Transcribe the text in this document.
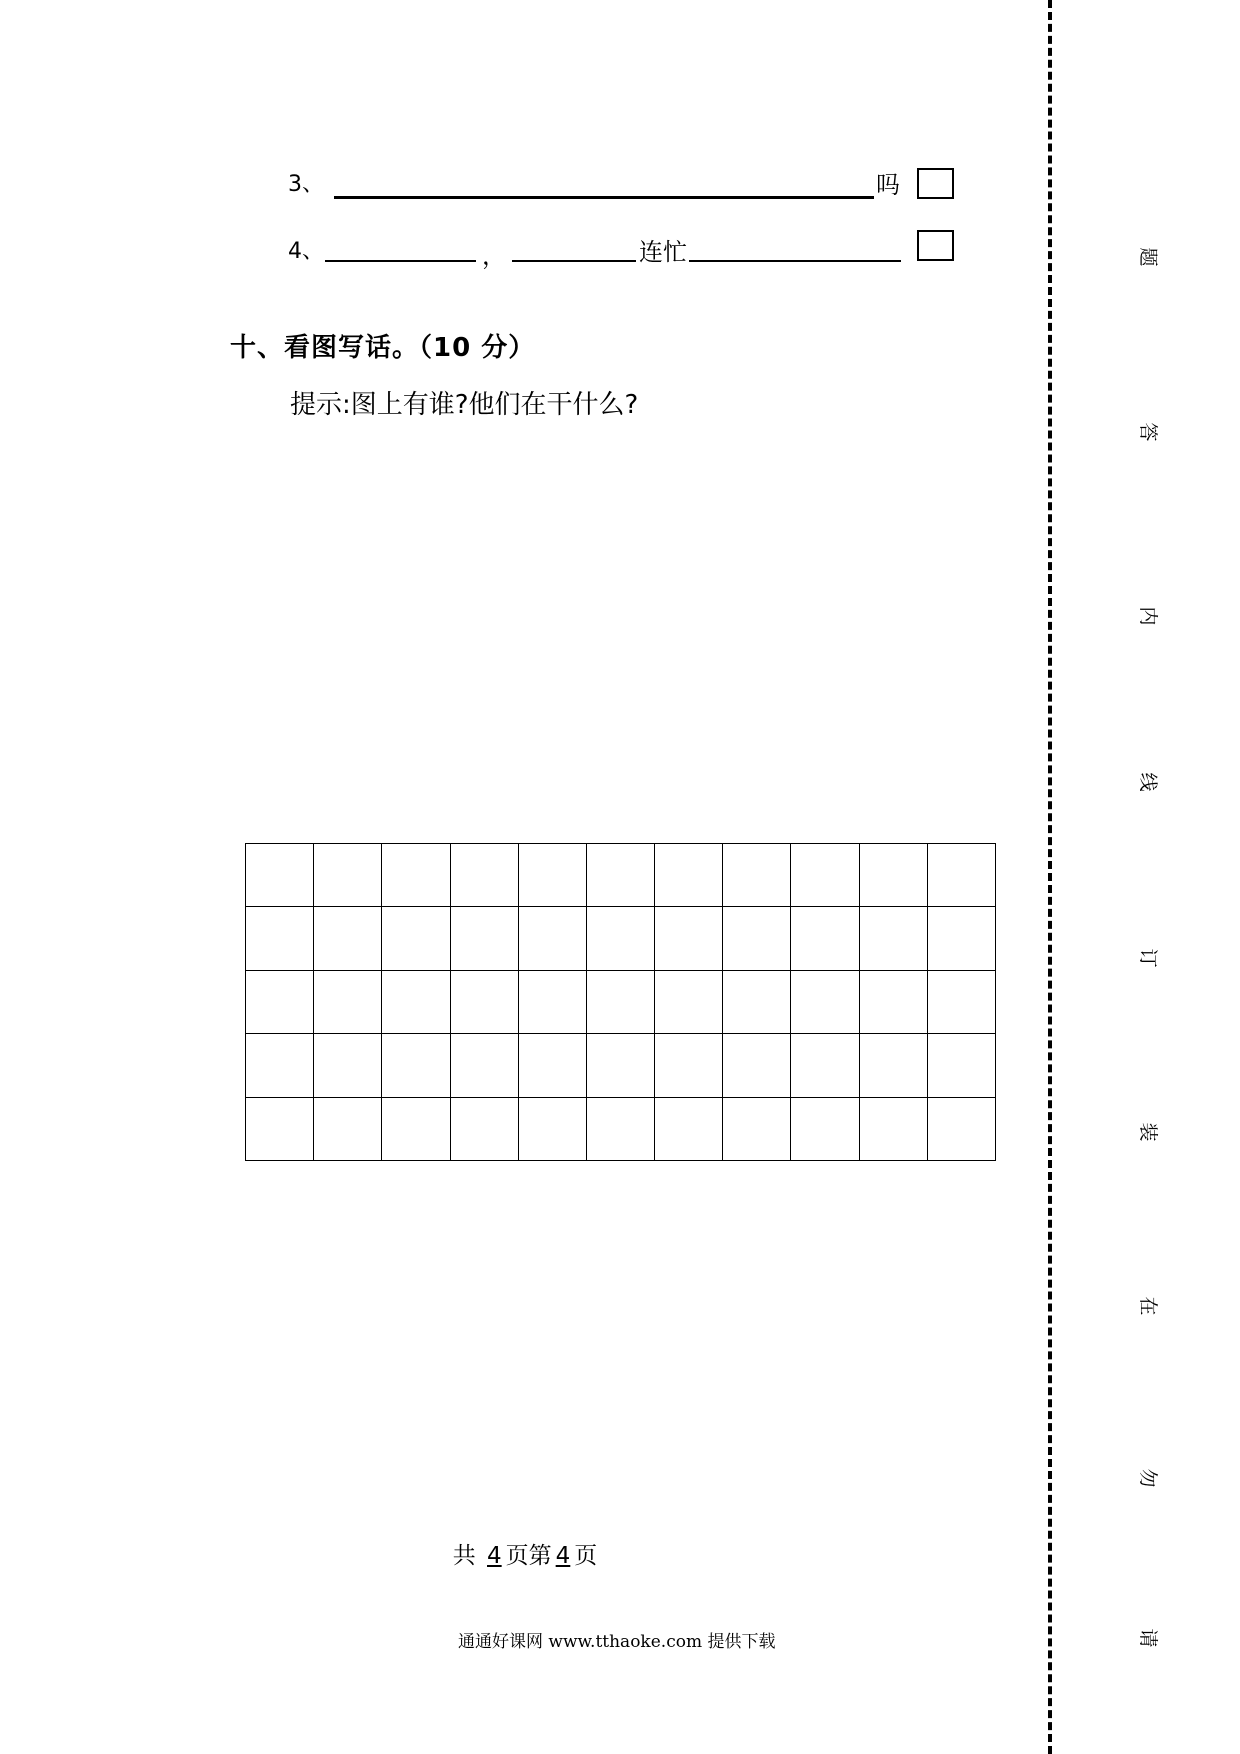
3、	吗
4、	，	连忙
十、看图写话。（10 分）
提示:图上有谁?他们在干什么?

共 4 页第 4 页
通通好课网 www.tthaoke.com 提供下载
题
答
内
线
订
装
在
勿
请
